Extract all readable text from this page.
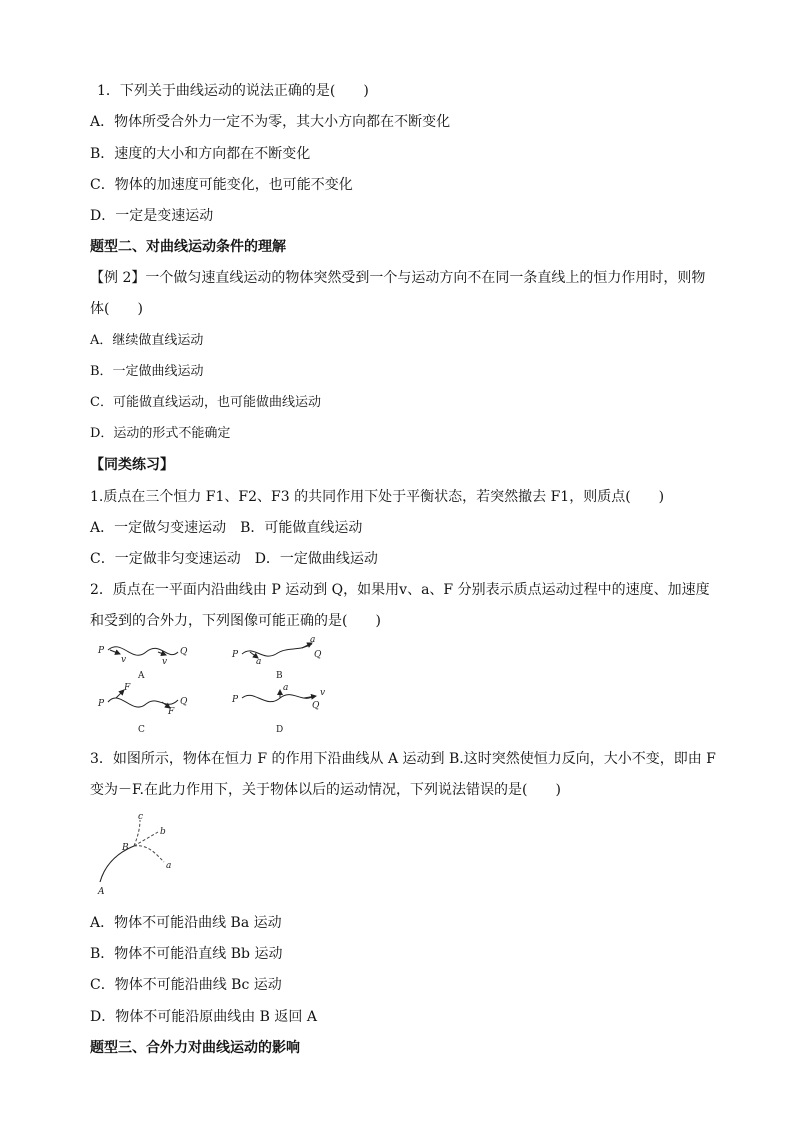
1．下列关于曲线运动的说法正确的是(　　)
A．物体所受合外力一定不为零，其大小方向都在不断变化
B．速度的大小和方向都在不断变化
C．物体的加速度可能变化，也可能不变化
D．一定是变速运动
题型二、对曲线运动条件的理解
【例 2】一个做匀速直线运动的物体突然受到一个与运动方向不在同一条直线上的恒力作用时，则物
体(　　)
A．继续做直线运动
B．一定做曲线运动
C．可能做直线运动，也可能做曲线运动
D．运动的形式不能确定
【同类练习】
1.质点在三个恒力 F1、F2、F3 的共同作用下处于平衡状态，若突然撤去 F1，则质点(　　)
A．一定做匀变速运动　B．可能做直线运动
C．一定做非匀变速运动　D．一定做曲线运动
2．质点在一平面内沿曲线由 P 运动到 Q，如果用v、a、F 分别表示质点运动过程中的速度、加速度
和受到的合外力，下列图像可能正确的是(　　)
P	Q
v	v
A
P	Q
a
a
B
P	Q
F
F
C
P
Q
a	v
D
3．如图所示，物体在恒力 F 的作用下沿曲线从 A 运动到 B.这时突然使恒力反向，大小不变，即由 F
变为－F.在此力作用下，关于物体以后的运动情况，下列说法错误的是(　　)
A
B
a
b
c
A．物体不可能沿曲线 Ba 运动
B．物体不可能沿直线 Bb 运动
C．物体不可能沿曲线 Bc 运动
D．物体不可能沿原曲线由 B 返回 A
题型三、合外力对曲线运动的影响
